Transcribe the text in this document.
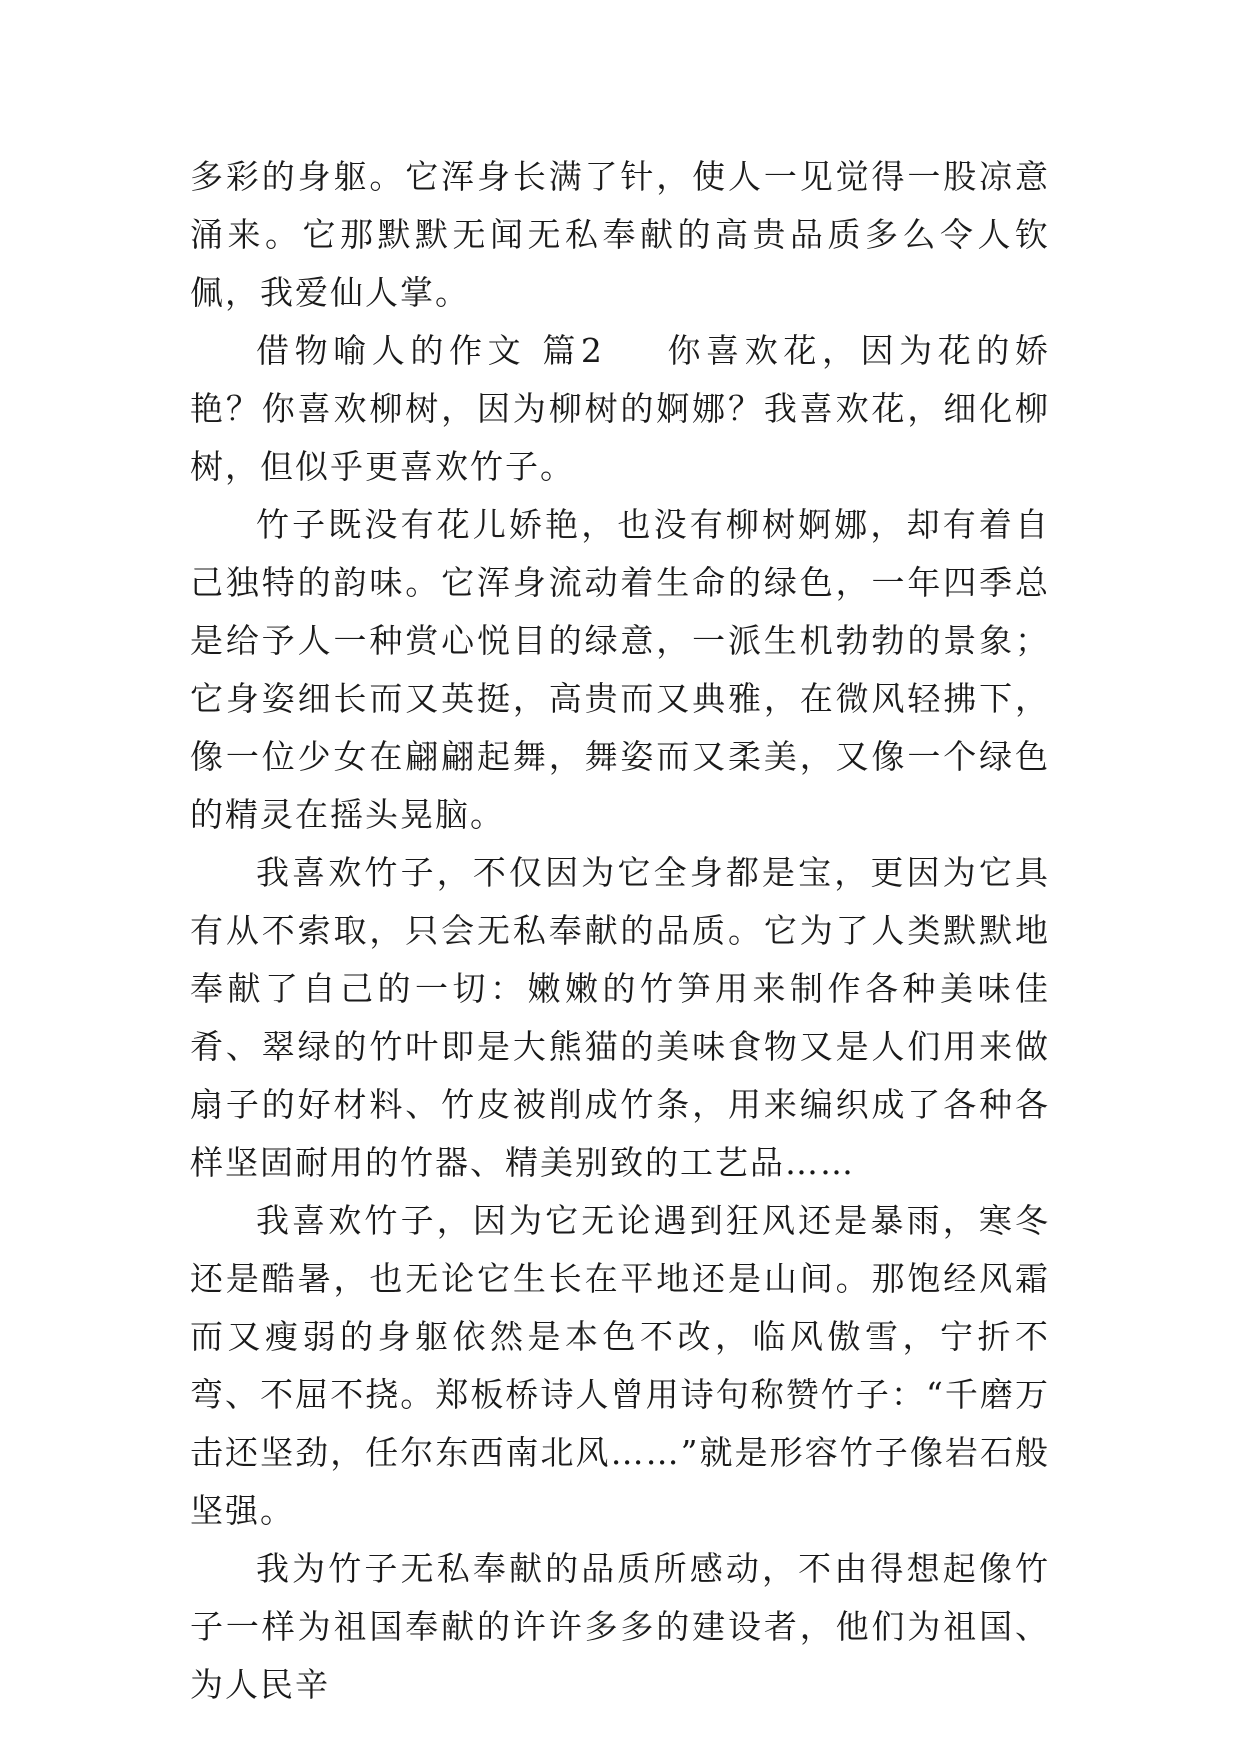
多彩的身躯。它浑身长满了针，使人一见觉得一股凉意涌来。它那默默无闻无私奉献的高贵品质多么令人钦佩，我爱仙人掌。

借物喻人的作文 篇2 你喜欢花，因为花的娇艳？你喜欢柳树，因为柳树的婀娜？我喜欢花，细化柳树，但似乎更喜欢竹子。

竹子既没有花儿娇艳，也没有柳树婀娜，却有着自己独特的韵味。它浑身流动着生命的绿色，一年四季总是给予人一种赏心悦目的绿意，一派生机勃勃的景象；它身姿细长而又英挺，高贵而又典雅，在微风轻拂下，像一位少女在翩翩起舞，舞姿而又柔美，又像一个绿色的精灵在摇头晃脑。

我喜欢竹子，不仅因为它全身都是宝，更因为它具有从不索取，只会无私奉献的品质。它为了人类默默地奉献了自己的一切：嫩嫩的竹笋用来制作各种美味佳肴、翠绿的竹叶即是大熊猫的美味食物又是人们用来做扇子的好材料、竹皮被削成竹条，用来编织成了各种各样坚固耐用的竹器、精美别致的工艺品……

我喜欢竹子，因为它无论遇到狂风还是暴雨，寒冬还是酷暑，也无论它生长在平地还是山间。那饱经风霜而又瘦弱的身躯依然是本色不改，临风傲雪，宁折不弯、不屈不挠。郑板桥诗人曾用诗句称赞竹子：“千磨万击还坚劲，任尔东西南北风……”就是形容竹子像岩石般坚强。

我为竹子无私奉献的品质所感动，不由得想起像竹子一样为祖国奉献的许许多多的建设者，他们为祖国、为人民辛
